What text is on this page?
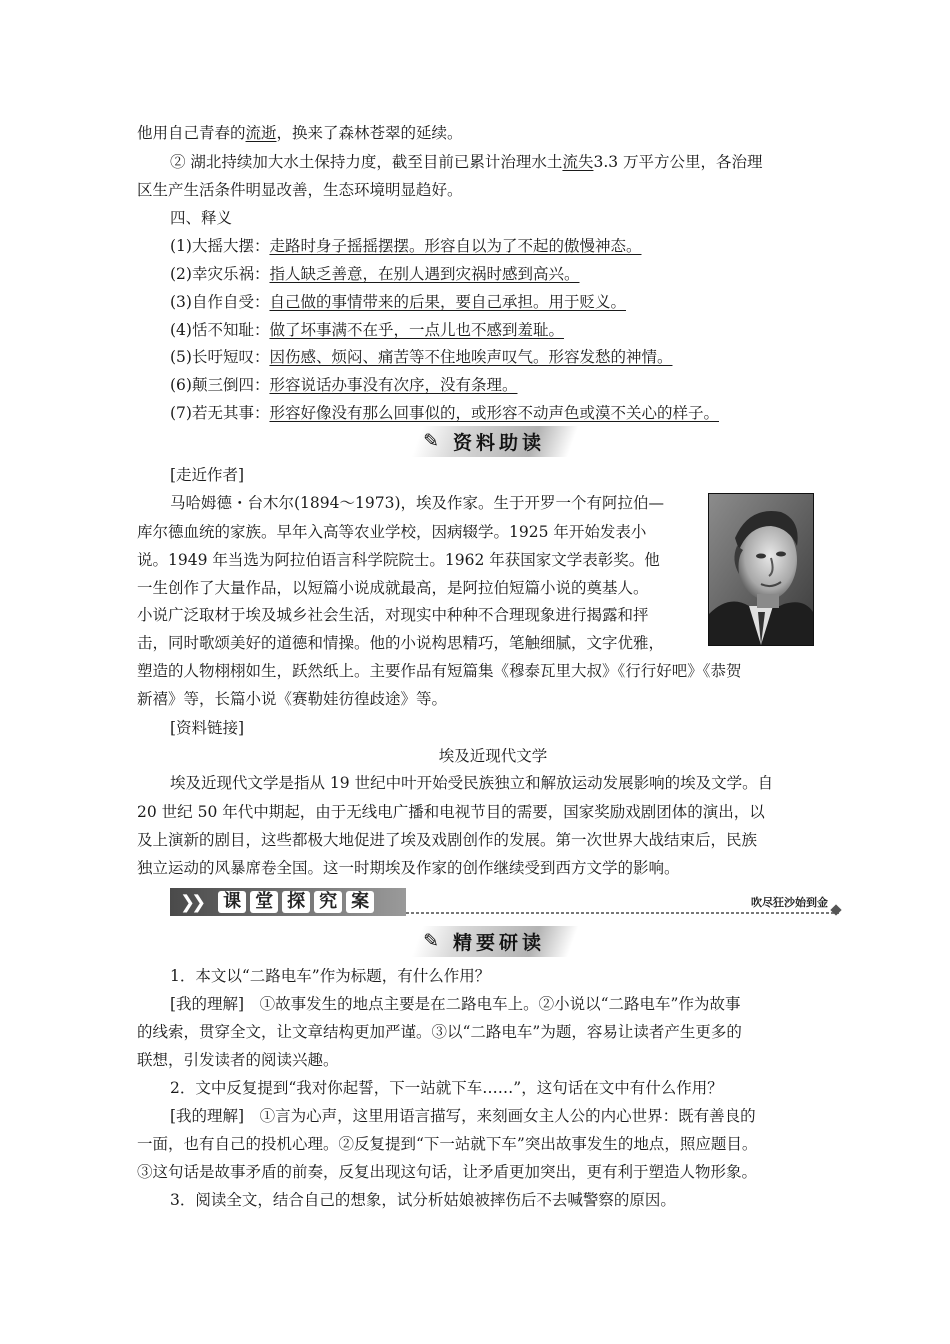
他用自己青春的流逝，换来了森林苍翠的延续。
② 湖北持续加大水土保持力度，截至目前已累计治理水土流失3.3 万平方公里，各治理
区生产生活条件明显改善，生态环境明显趋好。
四、释义
(1)大摇大摆：走路时身子摇摇摆摆。形容自以为了不起的傲慢神态。
(2)幸灾乐祸：指人缺乏善意，在别人遇到灾祸时感到高兴。
(3)自作自受：自己做的事情带来的后果，要自己承担。用于贬义。
(4)恬不知耻：做了坏事满不在乎，一点儿也不感到羞耻。
(5)长吁短叹：因伤感、烦闷、痛苦等不住地唉声叹气。形容发愁的神情。
(6)颠三倒四：形容说话办事没有次序，没有条理。
(7)若无其事：形容好像没有那么回事似的，或形容不动声色或漠不关心的样子。
✎ 资料助读
[走近作者]
马哈姆德・台木尔(1894～1973)，埃及作家。生于开罗一个有阿拉伯—
库尔德血统的家族。早年入高等农业学校，因病辍学。1925 年开始发表小
说。1949 年当选为阿拉伯语言科学院院士。1962 年获国家文学表彰奖。他
一生创作了大量作品，以短篇小说成就最高，是阿拉伯短篇小说的奠基人。
小说广泛取材于埃及城乡社会生活，对现实中种种不合理现象进行揭露和抨
击，同时歌颂美好的道德和情操。他的小说构思精巧，笔触细腻，文字优雅，
塑造的人物栩栩如生，跃然纸上。主要作品有短篇集《穆泰瓦里大叔》《行行好吧》《恭贺
新禧》等，长篇小说《赛勒娃彷徨歧途》等。
[资料链接]
埃及近现代文学
埃及近现代文学是指从 19 世纪中叶开始受民族独立和解放运动发展影响的埃及文学。自
20 世纪 50 年代中期起，由于无线电广播和电视节目的需要，国家奖励戏剧团体的演出，以
及上演新的剧目，这些都极大地促进了埃及戏剧创作的发展。第一次世界大战结束后，民族
独立运动的风暴席卷全国。这一时期埃及作家的创作继续受到西方文学的影响。
❯❯ 课 堂 探 究 案	吹尽狂沙始到金
✎ 精要研读
1．本文以“二路电车”作为标题，有什么作用？
[我的理解]　①故事发生的地点主要是在二路电车上。②小说以“二路电车”作为故事
的线索，贯穿全文，让文章结构更加严谨。③以“二路电车”为题，容易让读者产生更多的
联想，引发读者的阅读兴趣。
2．文中反复提到“我对你起誓，下一站就下车……”，这句话在文中有什么作用？
[我的理解]　①言为心声，这里用语言描写，来刻画女主人公的内心世界：既有善良的
一面，也有自己的投机心理。②反复提到“下一站就下车”突出故事发生的地点，照应题目。
③这句话是故事矛盾的前奏，反复出现这句话，让矛盾更加突出，更有利于塑造人物形象。
3．阅读全文，结合自己的想象，试分析姑娘被摔伤后不去喊警察的原因。
